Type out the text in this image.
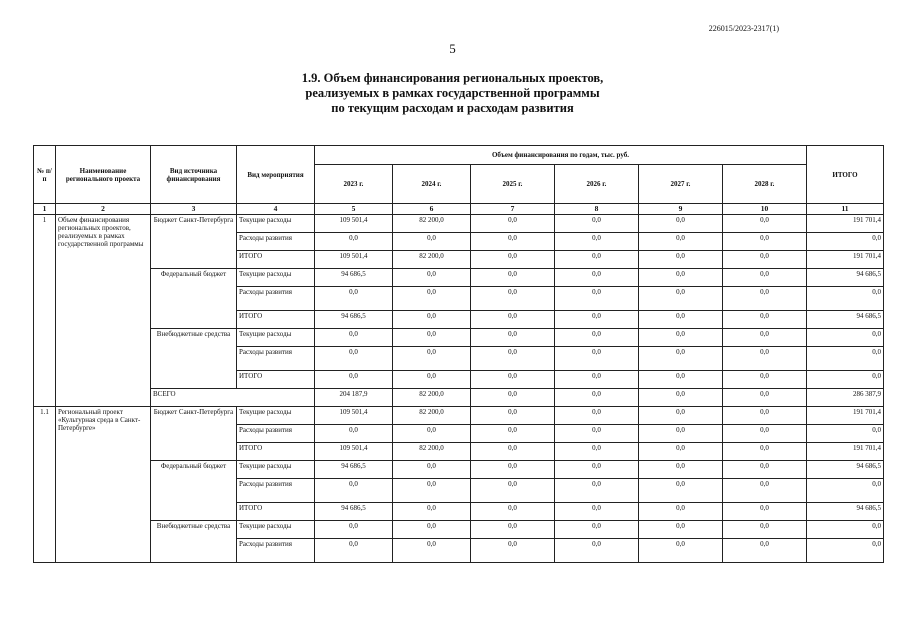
226015/2023-2317(1)
5
1.9. Объем финансирования региональных проектов,
реализуемых в рамках государственной программы
по текущим расходам и расходам развития
№ п/п	Наименование регионального проекта	Вид источника финансирования	Вид мероприятия	Объем финансирования по годам, тыс. руб.						ИТОГО
				2023 г.	2024 г.	2025 г.	2026 г.	2027 г.	2028 г.	
1	2	3	4	5	6	7	8	9	10	11
1	Объем финансирования региональных проектов, реализуемых в рамках государственной программы	Бюджет Санкт-Петербурга	Текущие расходы	109 501,4	82 200,0	0,0	0,0	0,0	0,0	191 701,4
			Расходы развития	0,0	0,0	0,0	0,0	0,0	0,0	0,0
			ИТОГО	109 501,4	82 200,0	0,0	0,0	0,0	0,0	191 701,4
		Федеральный бюджет	Текущие расходы	94 686,5	0,0	0,0	0,0	0,0	0,0	94 686,5
			Расходы развития	0,0	0,0	0,0	0,0	0,0	0,0	0,0
			ИТОГО	94 686,5	0,0	0,0	0,0	0,0	0,0	94 686,5
		Внебюджетные средства	Текущие расходы	0,0	0,0	0,0	0,0	0,0	0,0	0,0
			Расходы развития	0,0	0,0	0,0	0,0	0,0	0,0	0,0
			ИТОГО	0,0	0,0	0,0	0,0	0,0	0,0	0,0
		ВСЕГО		204 187,9	82 200,0	0,0	0,0	0,0	0,0	286 387,9
1.1	Региональный проект «Культурная среда в Санкт-Петербурге»	Бюджет Санкт-Петербурга	Текущие расходы	109 501,4	82 200,0	0,0	0,0	0,0	0,0	191 701,4
			Расходы развития	0,0	0,0	0,0	0,0	0,0	0,0	0,0
			ИТОГО	109 501,4	82 200,0	0,0	0,0	0,0	0,0	191 701,4
		Федеральный бюджет	Текущие расходы	94 686,5	0,0	0,0	0,0	0,0	0,0	94 686,5
			Расходы развития	0,0	0,0	0,0	0,0	0,0	0,0	0,0
			ИТОГО	94 686,5	0,0	0,0	0,0	0,0	0,0	94 686,5
		Внебюджетные средства	Текущие расходы	0,0	0,0	0,0	0,0	0,0	0,0	0,0
			Расходы развития	0,0	0,0	0,0	0,0	0,0	0,0	0,0
